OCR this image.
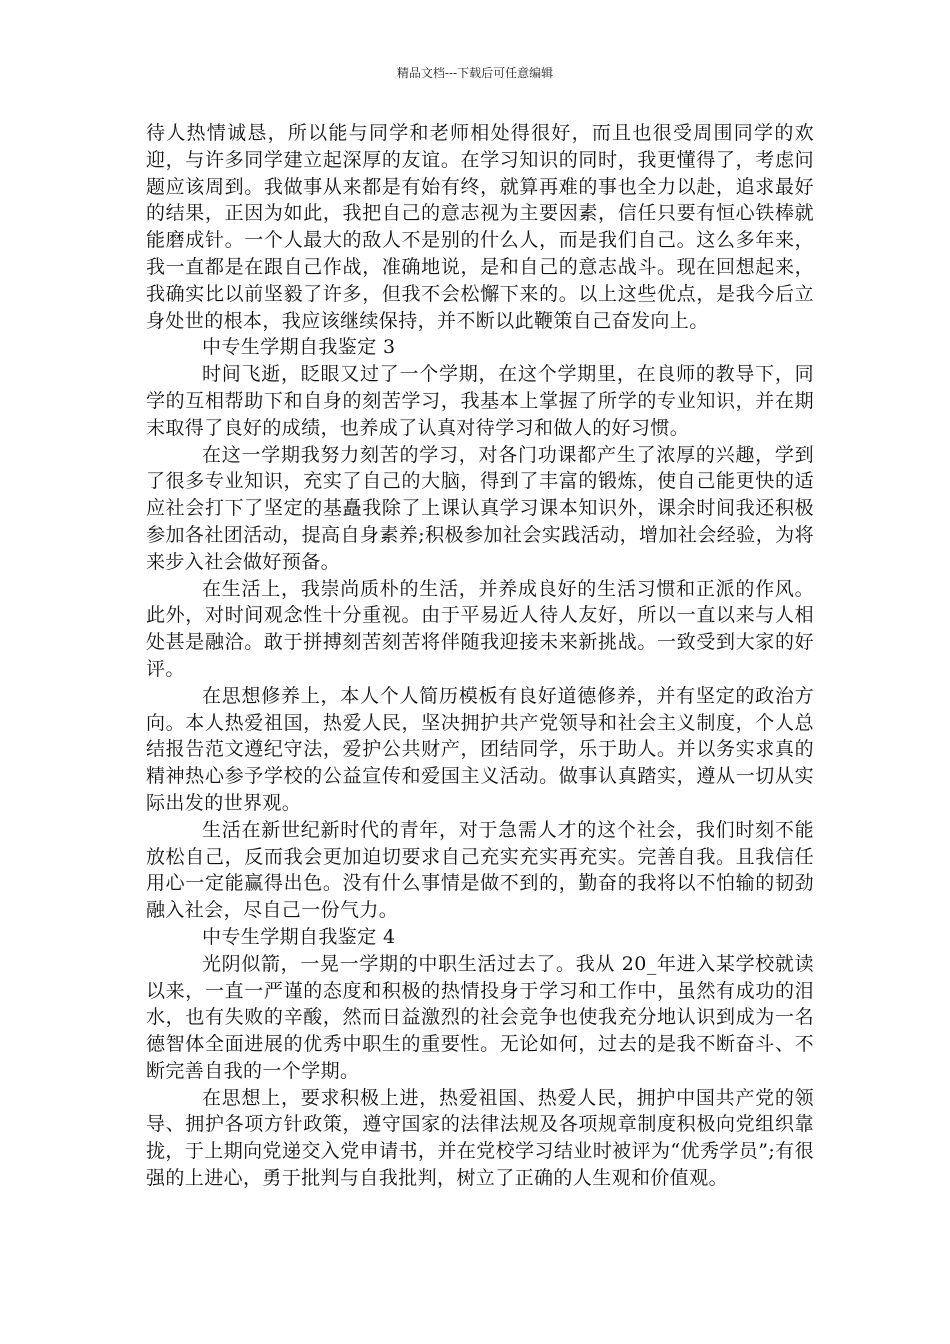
精品文档---下载后可任意编辑

待人热情诚恳，所以能与同学和老师相处得很好，而且也很受周围同学的欢迎，与许多同学建立起深厚的友谊。在学习知识的同时，我更懂得了，考虑问题应该周到。我做事从来都是有始有终，就算再难的事也全力以赴，追求最好的结果，正因为如此，我把自己的意志视为主要因素，信任只要有恒心铁棒就能磨成针。一个人最大的敌人不是别的什么人，而是我们自己。这么多年来，我一直都是在跟自己作战，准确地说，是和自己的意志战斗。现在回想起来，我确实比以前坚毅了许多，但我不会松懈下来的。以上这些优点，是我今后立身处世的根本，我应该继续保持，并不断以此鞭策自己奋发向上。

中专生学期自我鉴定 3

时间飞逝，眨眼又过了一个学期，在这个学期里，在良师的教导下，同学的互相帮助下和自身的刻苦学习，我基本上掌握了所学的专业知识，并在期末取得了良好的成绩，也养成了认真对待学习和做人的好习惯。

在这一学期我努力刻苦的学习，对各门功课都产生了浓厚的兴趣，学到了很多专业知识，充实了自己的大脑，得到了丰富的锻炼，使自己能更快的适应社会打下了坚定的基矗我除了上课认真学习课本知识外，课余时间我还积极参加各社团活动，提高自身素养;积极参加社会实践活动，增加社会经验，为将来步入社会做好预备。

在生活上，我崇尚质朴的生活，并养成良好的生活习惯和正派的作风。此外，对时间观念性十分重视。由于平易近人待人友好，所以一直以来与人相处甚是融洽。敢于拼搏刻苦刻苦将伴随我迎接未来新挑战。一致受到大家的好评。

在思想修养上，本人个人简历模板有良好道德修养，并有坚定的政治方向。本人热爱祖国，热爱人民，坚决拥护共产党领导和社会主义制度，个人总结报告范文遵纪守法，爱护公共财产，团结同学，乐于助人。并以务实求真的精神热心参予学校的公益宣传和爱国主义活动。做事认真踏实，遵从一切从实际出发的世界观。

生活在新世纪新时代的青年，对于急需人才的这个社会，我们时刻不能放松自己，反而我会更加迫切要求自己充实充实再充实。完善自我。且我信任用心一定能赢得出色。没有什么事情是做不到的，勤奋的我将以不怕输的韧劲融入社会，尽自己一份气力。

中专生学期自我鉴定 4

光阴似箭，一晃一学期的中职生活过去了。我从 20_年进入某学校就读以来，一直一严谨的态度和积极的热情投身于学习和工作中，虽然有成功的泪水，也有失败的辛酸，然而日益激烈的社会竞争也使我充分地认识到成为一名德智体全面进展的优秀中职生的重要性。无论如何，过去的是我不断奋斗、不断完善自我的一个学期。

在思想上，要求积极上进，热爱祖国、热爱人民，拥护中国共产党的领导、拥护各项方针政策，遵守国家的法律法规及各项规章制度积极向党组织靠拢，于上期向党递交入党申请书，并在党校学习结业时被评为“优秀学员”;有很强的上进心，勇于批判与自我批判，树立了正确的人生观和价值观。
